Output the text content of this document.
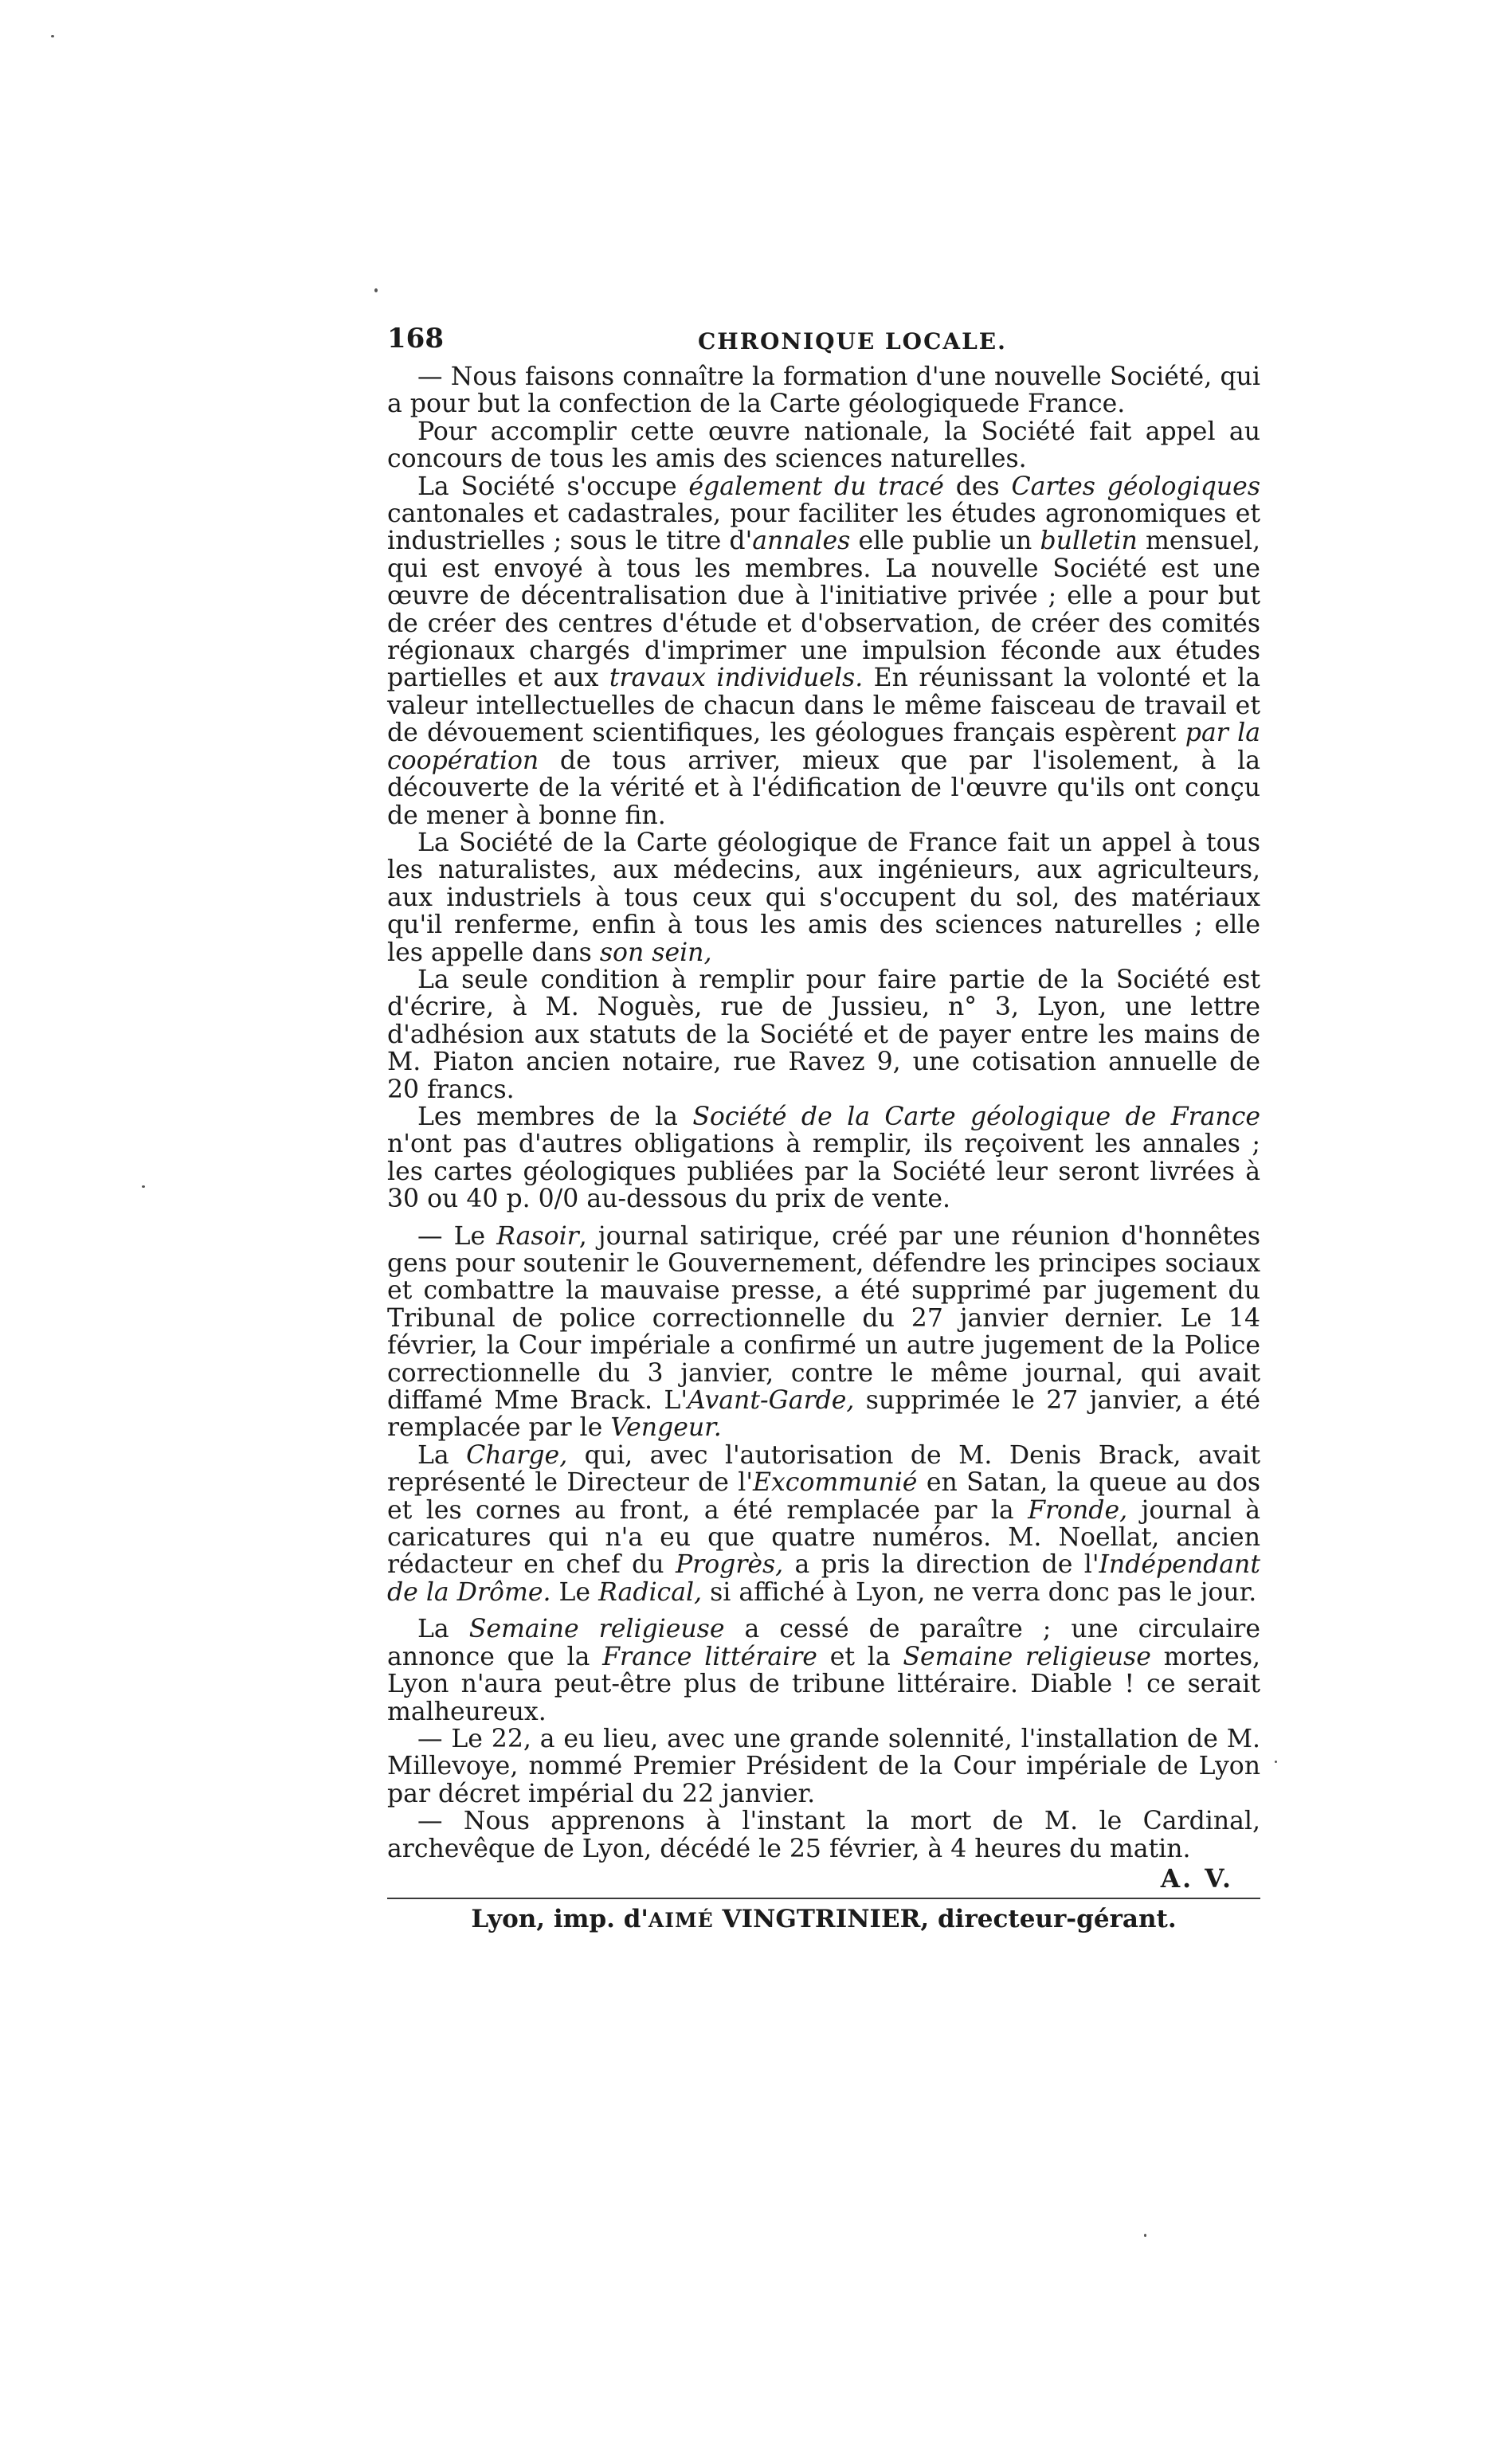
168	CHRONIQUE LOCALE.

— Nous faisons connaître la formation d'une nouvelle Société, qui a pour but la confection de la Carte géologiquede France.

Pour accomplir cette œuvre nationale, la Société fait appel au concours de tous les amis des sciences naturelles.

La Société s'occupe également du tracé des Cartes géologiques cantonales et cadastrales, pour faciliter les études agronomiques et industrielles ; sous le titre d'annales elle publie un bulletin mensuel, qui est envoyé à tous les membres. La nouvelle Société est une œuvre de décentralisation due à l'initiative privée ; elle a pour but de créer des centres d'étude et d'observation, de créer des comités régionaux chargés d'imprimer une impulsion féconde aux études partielles et aux travaux individuels. En réunissant la volonté et la valeur intellectuelles de chacun dans le même faisceau de travail et de dévouement scientifiques, les géologues français espèrent par la coopération de tous arriver, mieux que par l'isolement, à la découverte de la vérité et à l'édification de l'œuvre qu'ils ont conçu de mener à bonne fin.

La Société de la Carte géologique de France fait un appel à tous les naturalistes, aux médecins, aux ingénieurs, aux agriculteurs, aux industriels à tous ceux qui s'occupent du sol, des matériaux qu'il renferme, enfin à tous les amis des sciences naturelles ; elle les appelle dans son sein,

La seule condition à remplir pour faire partie de la Société est d'écrire, à M. Noguès, rue de Jussieu, n° 3, Lyon, une lettre d'adhésion aux statuts de la Société et de payer entre les mains de M. Piaton ancien notaire, rue Ravez 9, une cotisation annuelle de 20 francs.

Les membres de la Société de la Carte géologique de France n'ont pas d'autres obligations à remplir, ils reçoivent les annales ; les cartes géologiques publiées par la Société leur seront livrées à 30 ou 40 p. 0/0 au-dessous du prix de vente.

— Le Rasoir, journal satirique, créé par une réunion d'honnêtes gens pour soutenir le Gouvernement, défendre les principes sociaux et combattre la mauvaise presse, a été supprimé par jugement du Tribunal de police correctionnelle du 27 janvier dernier. Le 14 février, la Cour impériale a confirmé un autre jugement de la Police correctionnelle du 3 janvier, contre le même journal, qui avait diffamé Mme Brack. L'Avant-Garde, supprimée le 27 janvier, a été remplacée par le Vengeur.

La Charge, qui, avec l'autorisation de M. Denis Brack, avait représenté le Directeur de l'Excommunié en Satan, la queue au dos et les cornes au front, a été remplacée par la Fronde, journal à caricatures qui n'a eu que quatre numéros. M. Noellat, ancien rédacteur en chef du Progrès, a pris la direction de l'Indépendant de la Drôme. Le Radical, si affiché à Lyon, ne verra donc pas le jour.

La Semaine religieuse a cessé de paraître ; une circulaire annonce que la France littéraire et la Semaine religieuse mortes, Lyon n'aura peut-être plus de tribune littéraire. Diable ! ce serait malheureux.

— Le 22, a eu lieu, avec une grande solennité, l'installation de M. Millevoye, nommé Premier Président de la Cour impériale de Lyon par décret impérial du 22 janvier.

— Nous apprenons à l'instant la mort de M. le Cardinal, archevêque de Lyon, décédé le 25 février, à 4 heures du matin.

A. V.
Lyon, imp. d'AIMÉ VINGTRINIER, directeur-gérant.
